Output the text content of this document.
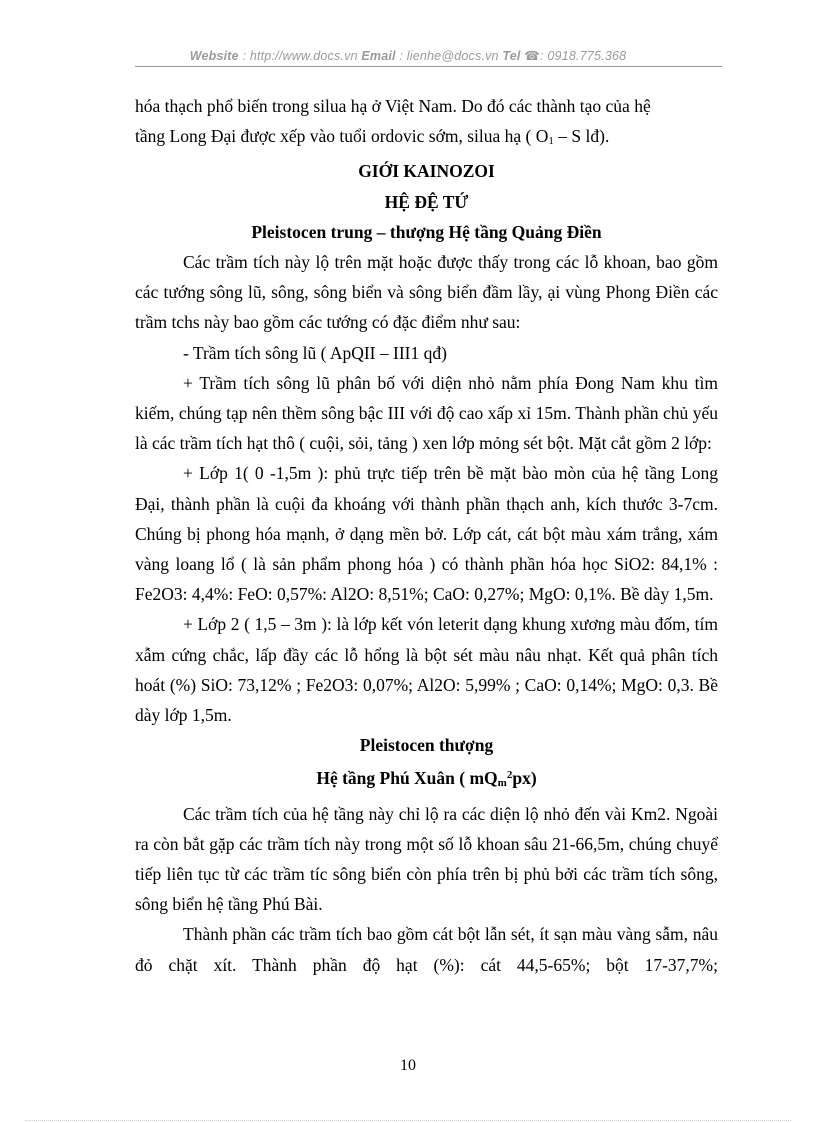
Website : http://www.docs.vn Email : lienhe@docs.vn Tel ☎: 0918.775.368

hóa thạch phổ biến trong silua hạ ở Việt Nam. Do đó các thành tạo của hệ
tầng Long Đại được xếp vào tuổi ordovic sớm, silua hạ ( $O_1$ – S lđ).

GIỚI KAINOZOI

HỆ ĐỆ TỨ

Pleistocen trung – thượng Hệ tầng Quảng Điền

Các trầm tích này lộ trên mặt hoặc được thấy trong các lỗ khoan, bao gồm các tướng sông lũ, sông, sông biển và sông biển đầm lầy, ại vùng Phong Điền các trầm tchs này bao gồm các tướng có đặc điểm như sau:

- Trầm tích sông lũ ( ApQII – III1 qđ)

+ Trầm tích sông lũ phân bố với diện nhỏ nằm phía Đong Nam khu tìm kiếm, chúng tạp nên thềm sông bậc III với độ cao xấp xỉ 15m. Thành phần chủ yếu là các trầm tích hạt thô ( cuội, sỏi, tảng ) xen lớp mỏng sét bột. Mặt cắt gồm 2 lớp:

+ Lớp 1( 0 -1,5m ): phủ trực tiếp trên bề mặt bào mòn của hệ tầng Long Đại, thành phần là cuội đa khoáng với thành phần thạch anh, kích thước 3-7cm. Chúng bị phong hóa mạnh, ở dạng mền bở. Lớp cát, cát bột màu xám trắng, xám vàng loang lổ ( là sản phẩm phong hóa ) có thành phần hóa học SiO2: 84,1% : Fe2O3: 4,4%: FeO: 0,57%: Al2O: 8,51%; CaO: 0,27%; MgO: 0,1%. Bề dày 1,5m.

+ Lớp 2 ( 1,5 – 3m ): là lớp kết vón leterit dạng khung xương màu đốm, tím xẫm cứng chắc, lấp đầy các lỗ hổng là bột sét màu nâu nhạt. Kết quả phân tích hoát (%) SiO: 73,12% ; Fe2O3: 0,07%; Al2O: 5,99% ; CaO: 0,14%; MgO: 0,3. Bề dày lớp 1,5m.

Pleistocen thượng

Hệ tầng Phú Xuân ( $mQ_m^2px$)

Các trầm tích của hệ tầng này chỉ lộ ra các diện lộ nhỏ đến vài Km2. Ngoài ra còn bắt gặp các trầm tích này trong một số lỗ khoan sâu 21-66,5m, chúng chuyể tiếp liên tục từ các trầm tíc sông biển còn phía trên bị phủ bởi các trầm tích sông, sông biển hệ tầng Phú Bài.

Thành phần các trầm tích bao gồm cát bột lẫn sét, ít sạn màu vàng sẫm, nâu đỏ chặt xít. Thành phần độ hạt (%): cát 44,5-65%; bột 17-37,7%;

10
